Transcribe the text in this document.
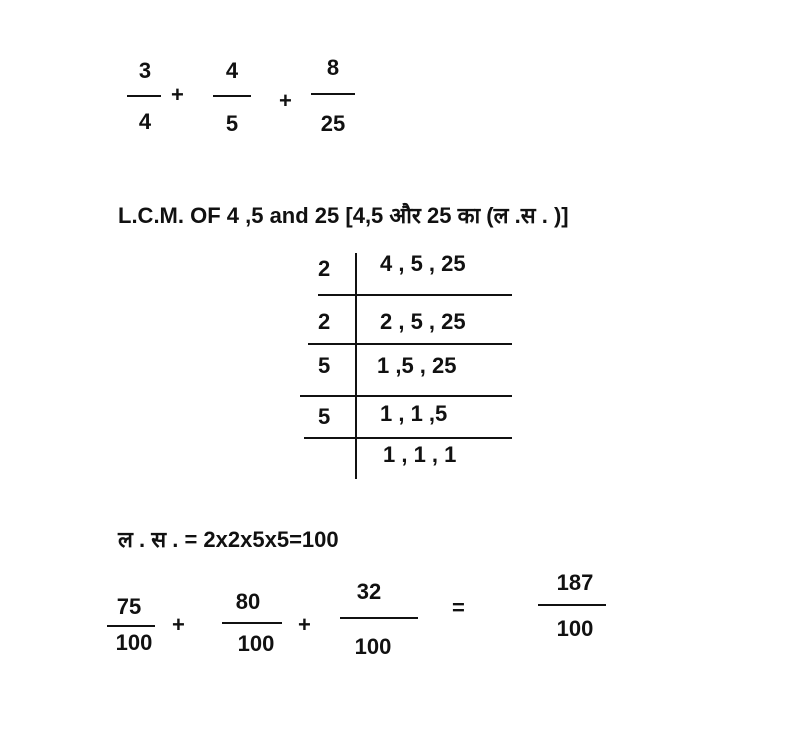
3
4
+
4
5
+
8
25
L.C.M. OF 4 ,5 and 25 [4,5 और 25 का (ल .स . )]
2 4 , 5 , 25
2 2 , 5 , 25
5 1 ,5 , 25
5 1 , 1 ,5
1 , 1 , 1
ल . स . = 2x2x5x5=100
75
100
+
80
100
+
32
100
=
187
100
